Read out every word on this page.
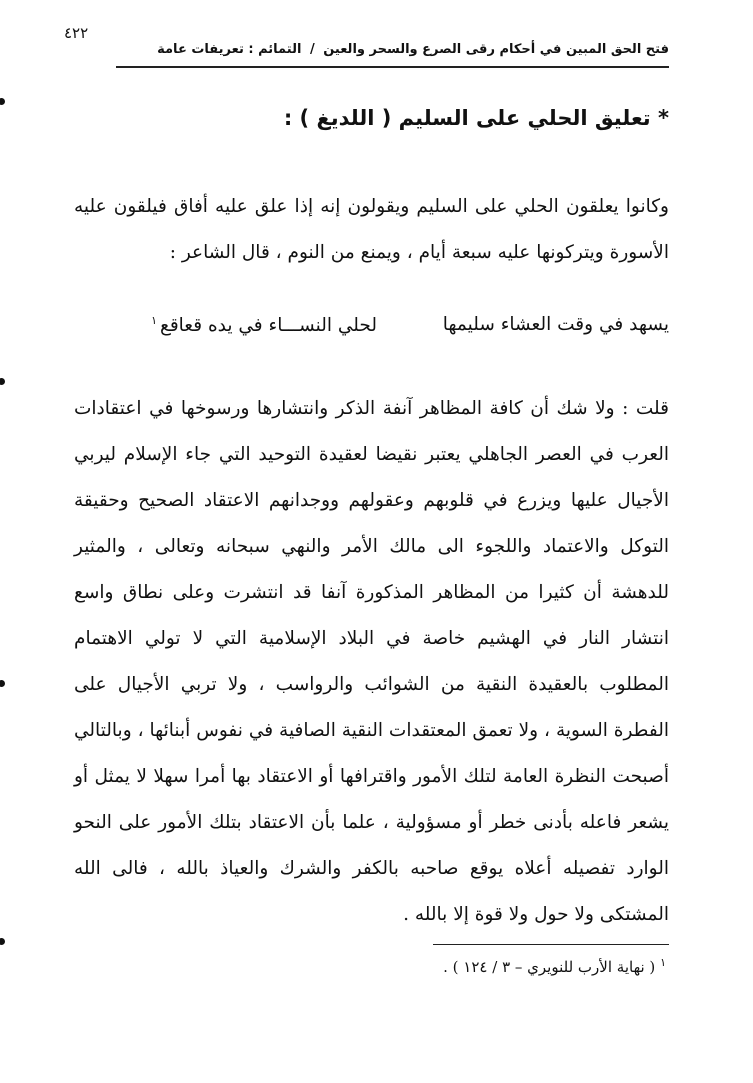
٤٢٢
فتح الحق المبين في أحكام رقى الصرع والسحر والعين / التمائم : تعريفات عامة
* تعليق الحلي على السليم ( اللديغ ) :
وكانوا يعلقون الحلي على السليم ويقولون إنه إذا علق عليه أفاق فيلقون عليه الأسورة ويتركونها عليه سبعة أيام ، ويمنع من النوم ، قال الشاعر :
يسهد في وقت العشاء سليمها
لحلي النســـاء في يده قعاقع$^١$
قلت : ولا شك أن كافة المظاهر آنفة الذكر وانتشارها ورسوخها في اعتقادات العرب في العصر الجاهلي يعتبر نقيضا لعقيدة التوحيد التي جاء الإسلام ليربي الأجيال عليها ويزرع في قلوبهم وعقولهم ووجدانهم الاعتقاد الصحيح وحقيقة التوكل والاعتماد واللجوء الى مالك الأمر والنهي سبحانه وتعالى ، والمثير للدهشة أن كثيرا من المظاهر المذكورة آنفا قد انتشرت وعلى نطاق واسع انتشار النار في الهشيم خاصة في البلاد الإسلامية التي لا تولي الاهتمام المطلوب بالعقيدة النقية من الشوائب والرواسب ، ولا تربي الأجيال على الفطرة السوية ، ولا تعمق المعتقدات النقية الصافية في نفوس أبنائها ، وبالتالي أصبحت النظرة العامة لتلك الأمور واقترافها أو الاعتقاد بها أمرا سهلا لا يمثل أو يشعر فاعله بأدنى خطر أو مسؤولية ، علما بأن الاعتقاد بتلك الأمور على النحو الوارد تفصيله أعلاه يوقع صاحبه بالكفر والشرك والعياذ بالله ، فالى الله المشتكى ولا حول ولا قوة إلا بالله .
$^١$ ( نهاية الأرب للنويري – ٣ / ١٢٤ ) .
